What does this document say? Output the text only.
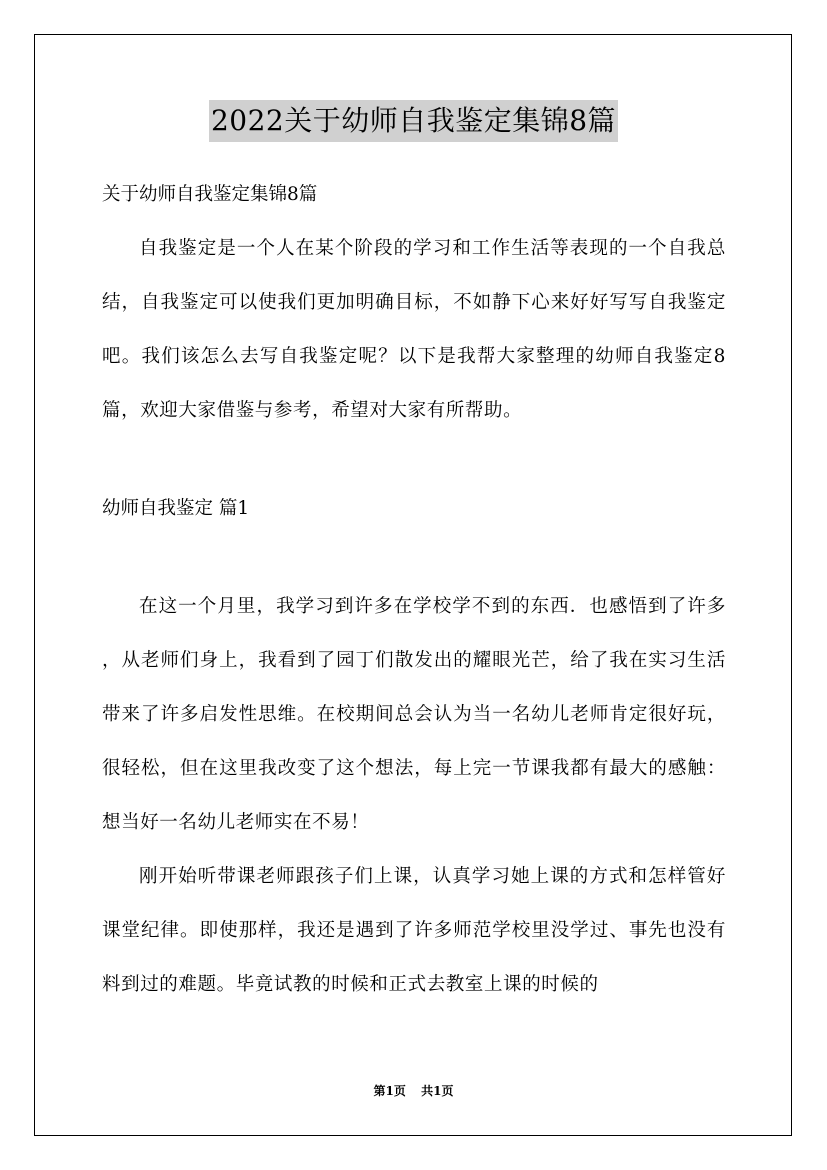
2022关于幼师自我鉴定集锦8篇

关于幼师自我鉴定集锦8篇

自我鉴定是一个人在某个阶段的学习和工作生活等表现的一个自我总结，自我鉴定可以使我们更加明确目标，不如静下心来好好写写自我鉴定吧。我们该怎么去写自我鉴定呢？以下是我帮大家整理的幼师自我鉴定8篇，欢迎大家借鉴与参考，希望对大家有所帮助。

幼师自我鉴定 篇1

在这一个月里，我学习到许多在学校学不到的东西．也感悟到了许多 ，从老师们身上，我看到了园丁们散发出的耀眼光芒，给了我在实习生活带来了许多启发性思维。在校期间总会认为当一名幼儿老师肯定很好玩，很轻松，但在这里我改变了这个想法，每上完一节课我都有最大的感触：想当好一名幼儿老师实在不易！

刚开始听带课老师跟孩子们上课，认真学习她上课的方式和怎样管好课堂纪律。即使那样，我还是遇到了许多师范学校里没学过、事先也没有料到过的难题。毕竟试教的时候和正式去教室上课的时候的

第1页 共1页
